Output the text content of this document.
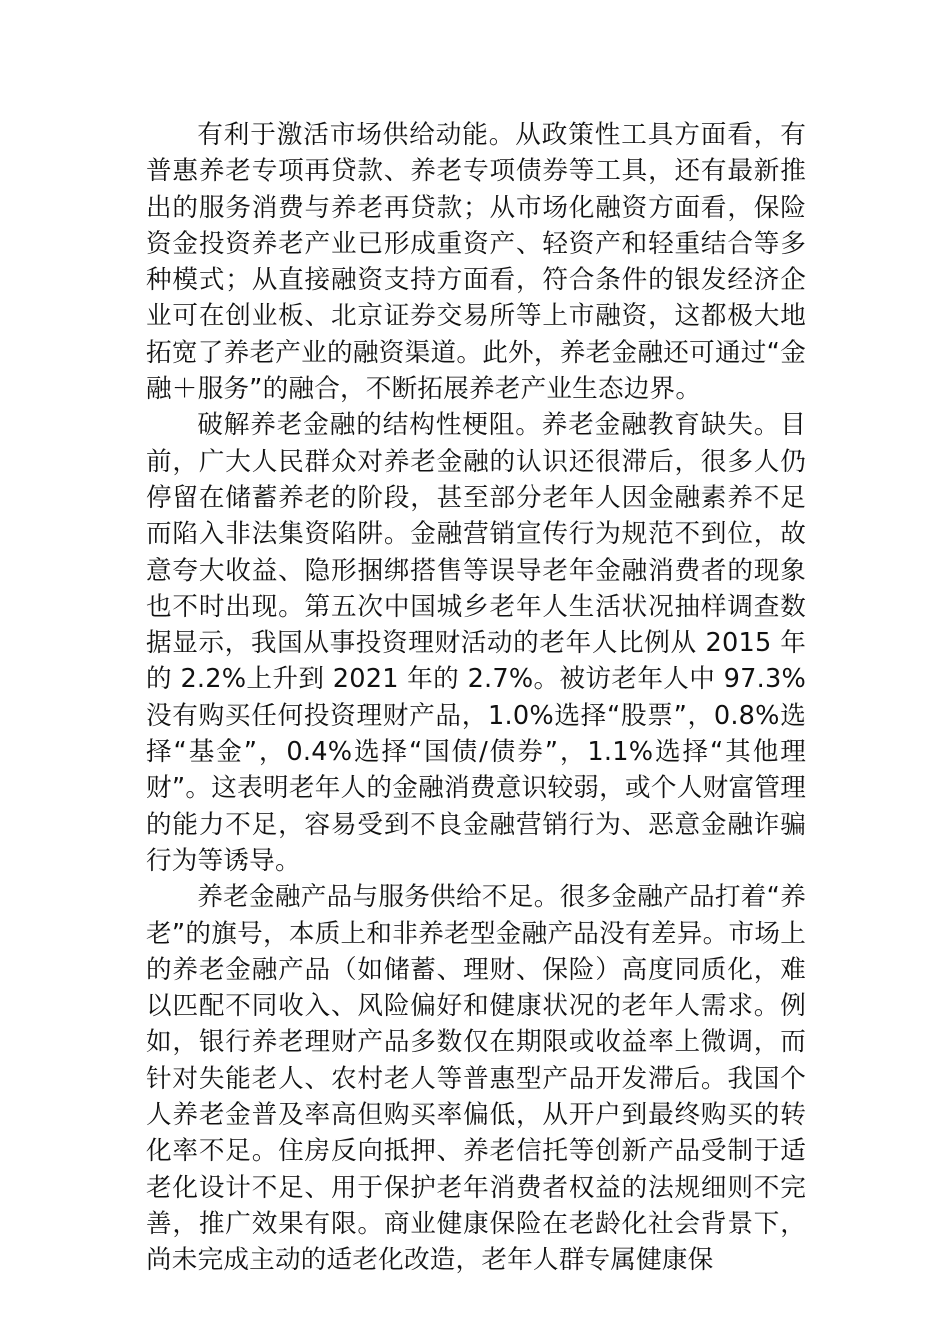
有利于激活市场供给动能。从政策性工具方面看，有普惠养老专项再贷款、养老专项债券等工具，还有最新推出的服务消费与养老再贷款；从市场化融资方面看，保险资金投资养老产业已形成重资产、轻资产和轻重结合等多种模式；从直接融资支持方面看，符合条件的银发经济企业可在创业板、北京证券交易所等上市融资，这都极大地拓宽了养老产业的融资渠道。此外，养老金融还可通过“金融＋服务”的融合，不断拓展养老产业生态边界。

破解养老金融的结构性梗阻。养老金融教育缺失。目前，广大人民群众对养老金融的认识还很滞后，很多人仍停留在储蓄养老的阶段，甚至部分老年人因金融素养不足而陷入非法集资陷阱。金融营销宣传行为规范不到位，故意夸大收益、隐形捆绑搭售等误导老年金融消费者的现象也不时出现。第五次中国城乡老年人生活状况抽样调查数据显示，我国从事投资理财活动的老年人比例从 2015 年的 2.2%上升到 2021 年的 2.7%。被访老年人中 97.3%没有购买任何投资理财产品，1.0%选择“股票”，0.8%选择“基金”，0.4%选择“国债/债券”，1.1%选择“其他理财”。这表明老年人的金融消费意识较弱，或个人财富管理的能力不足，容易受到不良金融营销行为、恶意金融诈骗行为等诱导。

养老金融产品与服务供给不足。很多金融产品打着“养老”的旗号，本质上和非养老型金融产品没有差异。市场上的养老金融产品（如储蓄、理财、保险）高度同质化，难以匹配不同收入、风险偏好和健康状况的老年人需求。例如，银行养老理财产品多数仅在期限或收益率上微调，而针对失能老人、农村老人等普惠型产品开发滞后。我国个人养老金普及率高但购买率偏低，从开户到最终购买的转化率不足。住房反向抵押、养老信托等创新产品受制于适老化设计不足、用于保护老年消费者权益的法规细则不完善，推广效果有限。商业健康保险在老龄化社会背景下，尚未完成主动的适老化改造，老年人群专属健康保
